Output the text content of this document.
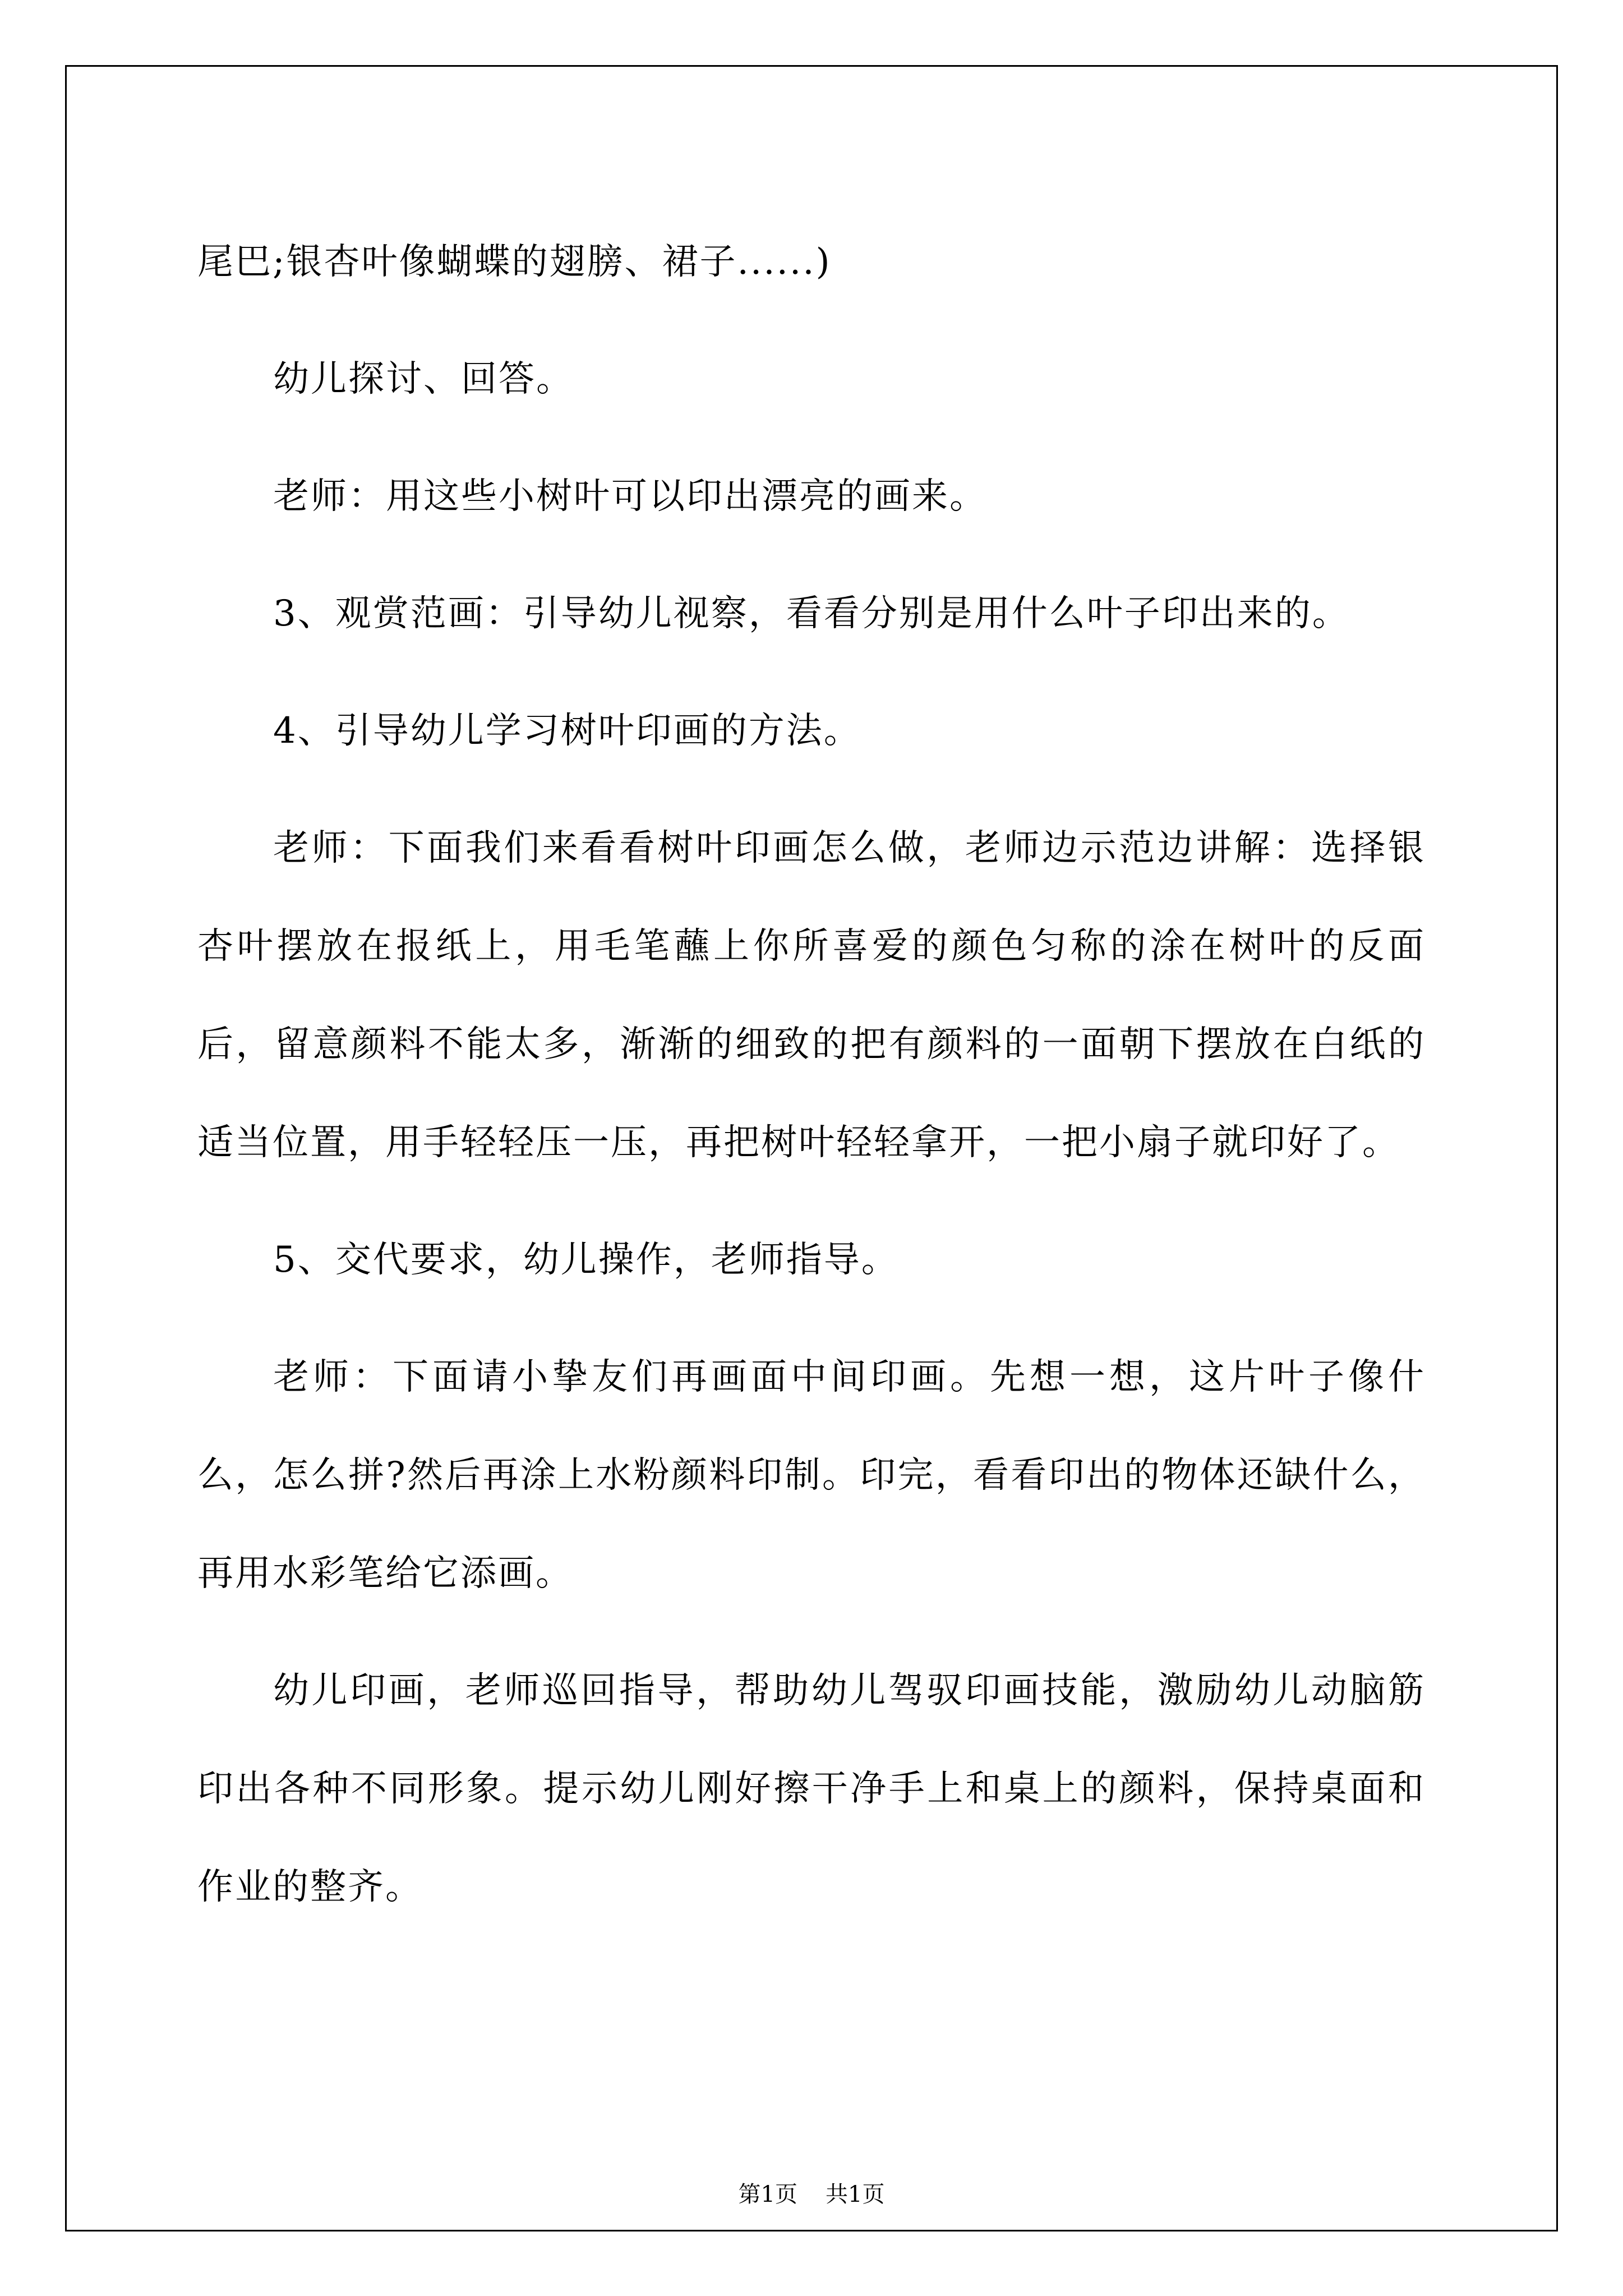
尾巴;银杏叶像蝴蝶的翅膀、裙子......)

幼儿探讨、回答。

老师：用这些小树叶可以印出漂亮的画来。

3、观赏范画：引导幼儿视察，看看分别是用什么叶子印出来的。

4、引导幼儿学习树叶印画的方法。

老师：下面我们来看看树叶印画怎么做，老师边示范边讲解：选择银杏叶摆放在报纸上，用毛笔蘸上你所喜爱的颜色匀称的涂在树叶的反面后，留意颜料不能太多，渐渐的细致的把有颜料的一面朝下摆放在白纸的适当位置，用手轻轻压一压，再把树叶轻轻拿开，一把小扇子就印好了。

5、交代要求，幼儿操作，老师指导。

老师：下面请小挚友们再画面中间印画。先想一想，这片叶子像什么，怎么拼?然后再涂上水粉颜料印制。印完，看看印出的物体还缺什么，再用水彩笔给它添画。

幼儿印画，老师巡回指导，帮助幼儿驾驭印画技能，激励幼儿动脑筋印出各种不同形象。提示幼儿刚好擦干净手上和桌上的颜料，保持桌面和作业的整齐。

第1页 共1页
